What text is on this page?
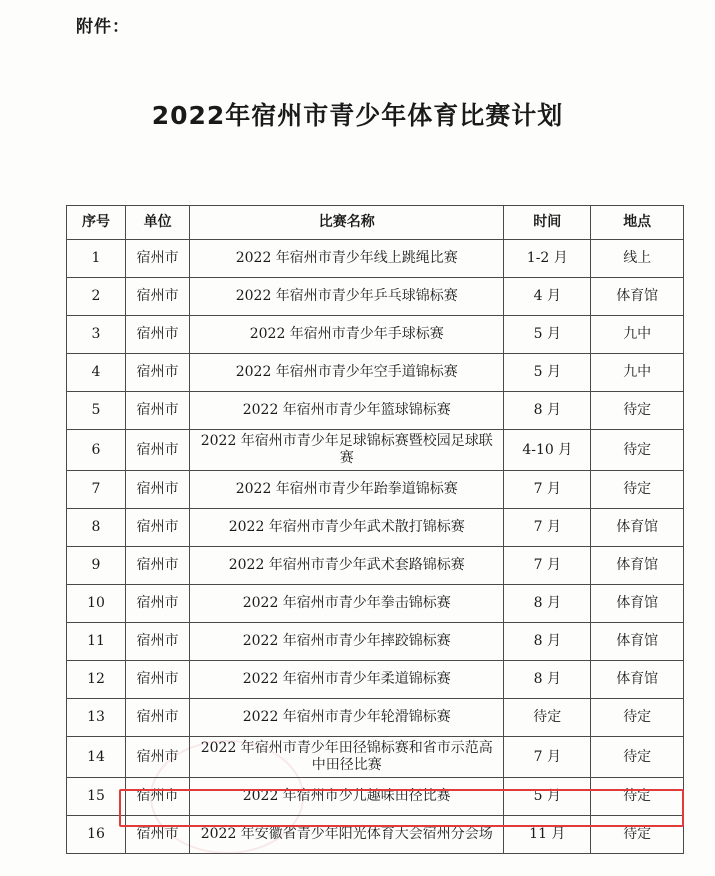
附件：
2022年宿州市青少年体育比赛计划
序号	单位	比赛名称	时间	地点
1	宿州市	2022 年宿州市青少年线上跳绳比赛	1-2 月	线上
2	宿州市	2022 年宿州市青少年乒乓球锦标赛	4 月	体育馆
3	宿州市	2022 年宿州市青少年手球标赛	5 月	九中
4	宿州市	2022 年宿州市青少年空手道锦标赛	5 月	九中
5	宿州市	2022 年宿州市青少年篮球锦标赛	8 月	待定
6	宿州市	2022 年宿州市青少年足球锦标赛暨校园足球联赛	4-10 月	待定
7	宿州市	2022 年宿州市青少年跆拳道锦标赛	7 月	待定
8	宿州市	2022 年宿州市青少年武术散打锦标赛	7 月	体育馆
9	宿州市	2022 年宿州市青少年武术套路锦标赛	7 月	体育馆
10	宿州市	2022 年宿州市青少年拳击锦标赛	8 月	体育馆
11	宿州市	2022 年宿州市青少年摔跤锦标赛	8 月	体育馆
12	宿州市	2022 年宿州市青少年柔道锦标赛	8 月	体育馆
13	宿州市	2022 年宿州市青少年轮滑锦标赛	待定	待定
14	宿州市	2022 年宿州市青少年田径锦标赛和省市示范高中田径比赛	7 月	待定
15	宿州市	2022 年宿州市少儿趣味田径比赛	5 月	待定
16	宿州市	2022 年安徽省青少年阳光体育大会宿州分会场	11 月	待定
